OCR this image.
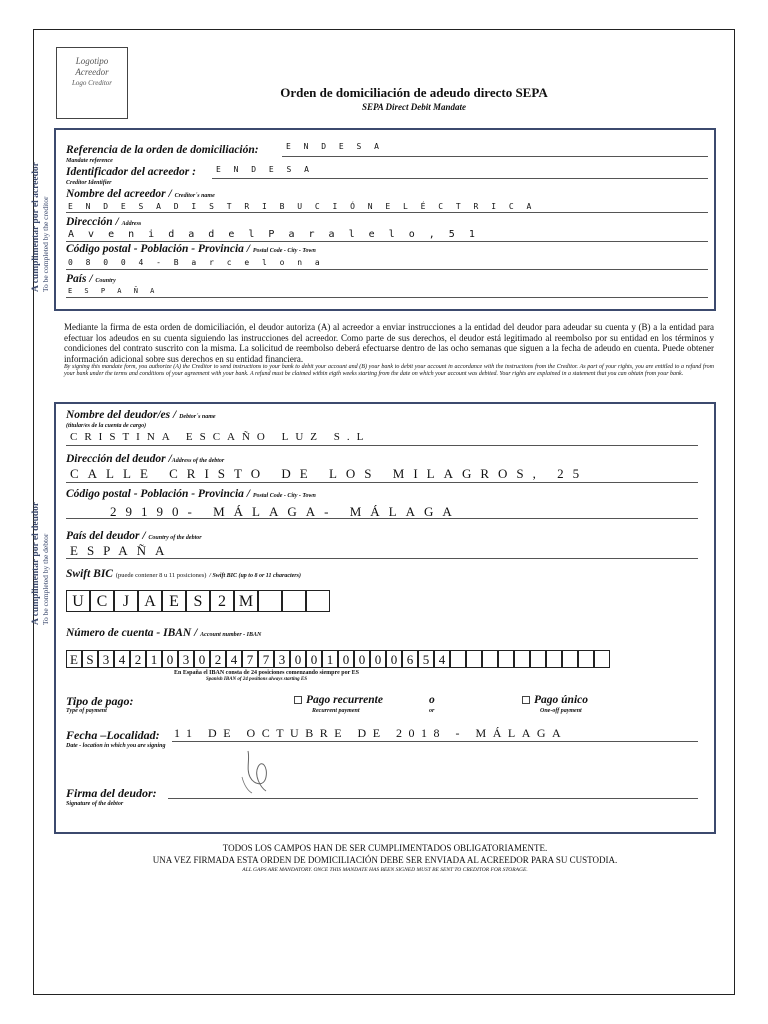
Logotipo
Acreedor
Logo Creditor
Orden de domiciliación de adeudo directo SEPA
SEPA Direct Debit Mandate
A cumplimentar por el acreedor To be completed by the creditor
A cumplimentar por el deudor To be completed by the debtor
Referencia de la orden de domiciliación:
Mandate reference
E N D E S A
Identificador del acreedor :
Creditor Identifier
E N D E S A
Nombre del acreedor / Creditor´s name
E N D E S A D I S T R I B U C I Ó N E L É C T R I C A
Dirección / Address
A v e n i d a d e l P a r a l e l o , 5 1
Código postal - Población - Provincia / Postal Code - City - Town
0 8 0 0 4 - B a r c e l o n a
País / Country
E S P A Ñ A
Mediante la firma de esta orden de domiciliación, el deudor autoriza (A) al acreedor a enviar instrucciones a la entidad del deudor para adeudar su cuenta y (B) a la entidad para efectuar los adeudos en su cuenta siguiendo las instrucciones del acreedor. Como parte de sus derechos, el deudor está legitimado al reembolso por su entidad en los términos y condiciones del contrato suscrito con la misma. La solicitud de reembolso deberá efectuarse dentro de las ocho semanas que siguen a la fecha de adeudo en cuenta. Puede obtener información adicional sobre sus derechos en su entidad financiera.
By signing this mandate form, you authorize (A) the Creditor to send instructions to your bank to debit your account and (B) your bank to debit your account in accordance with the instructions from the Creditor. As part of your rights, you are entitled to a refund from your bank under the terms and conditions of your agreement with your bank. A refund must be claimed within eigth weeks starting from the date on which your account was debited. Your rights are explained in a statement that you can obtain from your bank.
Nombre del deudor/es / Debtor´s name
(titular/es de la cuenta de cargo)
CRISTINA ESCAÑO LUZ S.L
Dirección del deudor /Address of the debtor
CALLE CRISTO DE LOS MILAGROS, 25
Código postal - Población - Provincia / Postal Code - City - Town
29190- MÁLAGA- MÁLAGA
País del deudor / Country of the debtor
ESPAÑA
Swift BIC (puede contener 8 u 11 posiciones) / Swift BIC (up to 8 or 11 characters)
U C J A E S 2 M
Número de cuenta - IBAN / Account number - IBAN
E S 3 4 2 1 0 3 0 2 4 7 7 3 0 0 1 0 0 0 0 6 5 4
En España el IBAN consta de 24 posiciones comenzando siempre por ES
Spanish IBAN of 24 positions always starting ES
Tipo de pago:
Type of payment
Pago recurrente
Recurrent payment
o
or
Pago único
One-off payment
Fecha –Localidad:
Date - location in which you are signing
11 DE OCTUBRE DE 2018 - MÁLAGA
Firma del deudor:
Signature of the debtor
TODOS LOS CAMPOS HAN DE SER CUMPLIMENTADOS OBLIGATORIAMENTE.
UNA VEZ FIRMADA ESTA ORDEN DE DOMICILIACIÓN DEBE SER ENVIADA AL ACREEDOR PARA SU CUSTODIA.
ALL GAPS ARE MANDATORY. ONCE THIS MANDATE HAS BEEN SIGNED MUST BE SENT TO CREDITOR FOR STORAGE.
